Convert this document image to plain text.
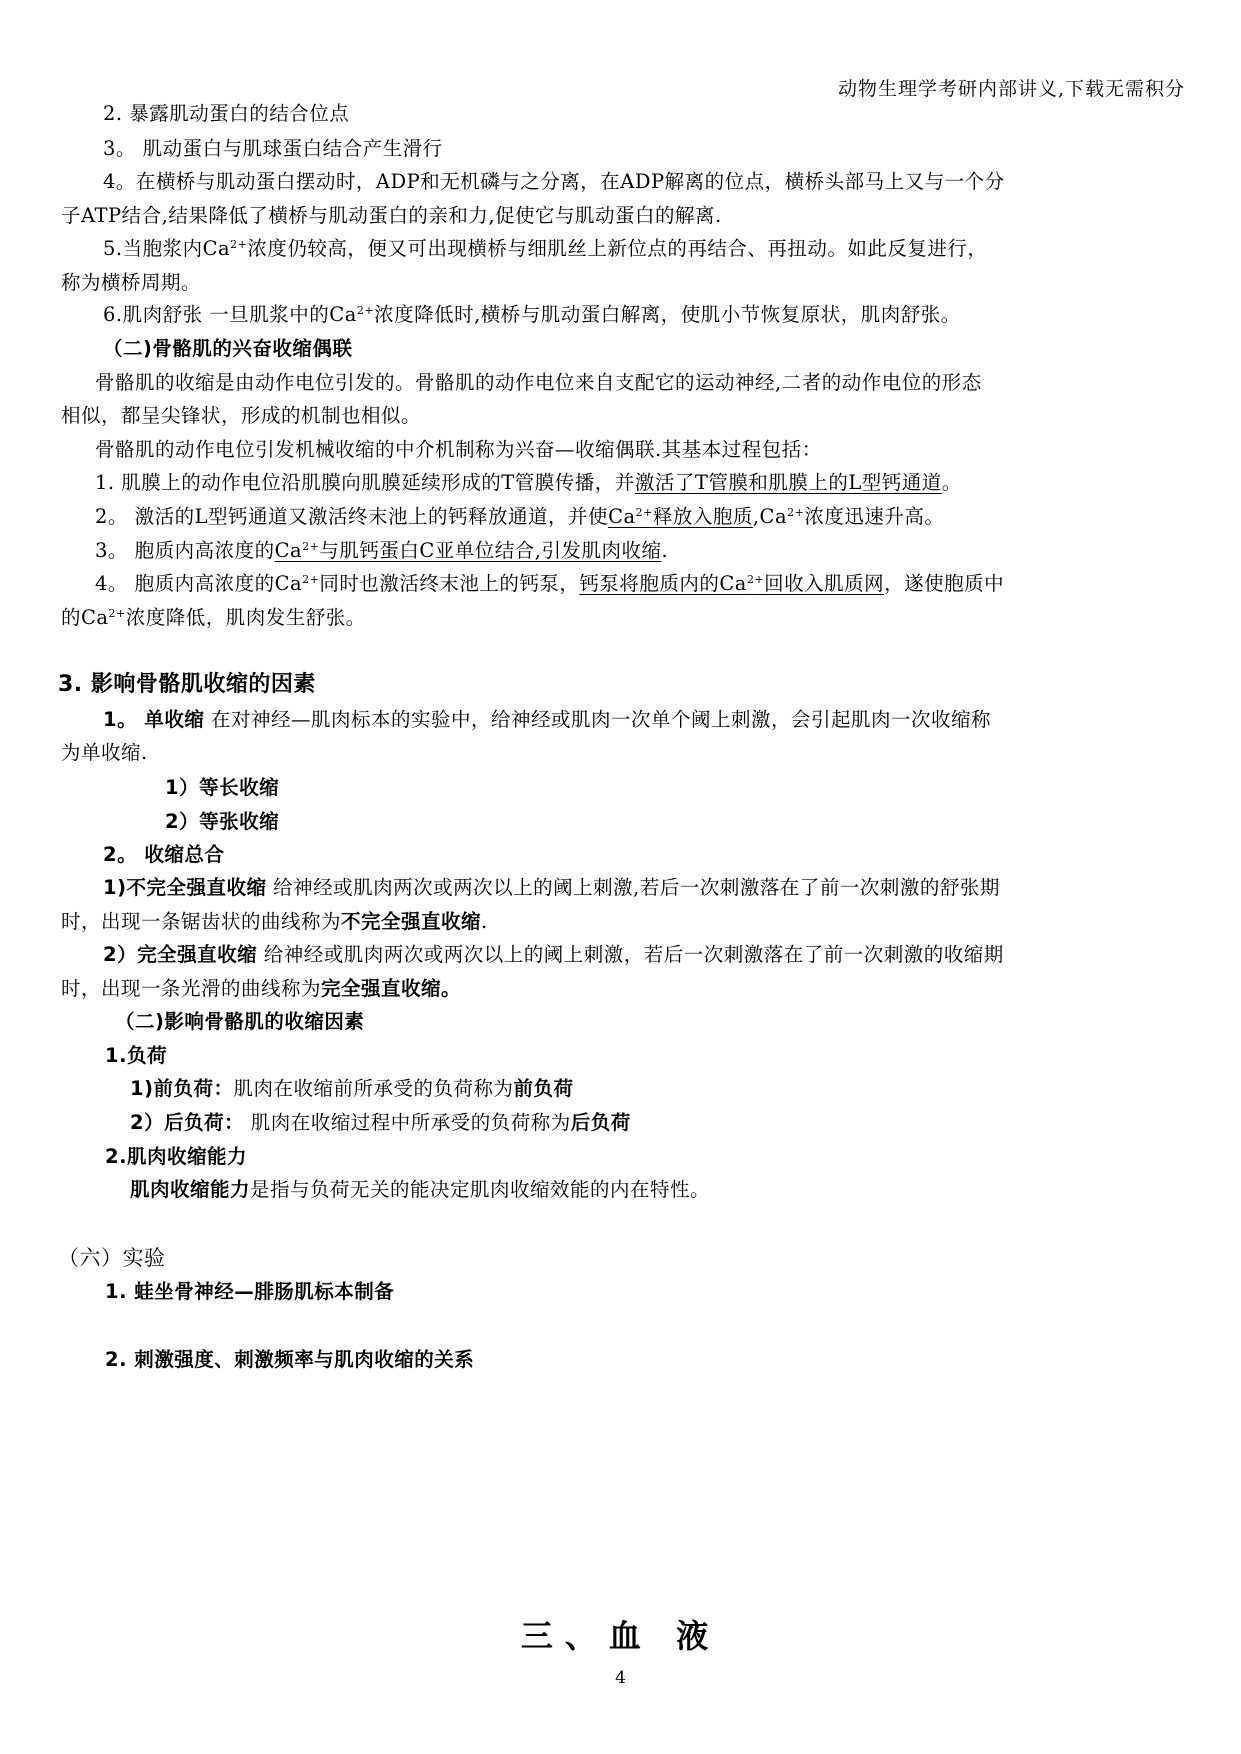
动物生理学考研内部讲义,下载无需积分
2. 暴露肌动蛋白的结合位点
3。 肌动蛋白与肌球蛋白结合产生滑行
4。在横桥与肌动蛋白摆动时，ADP和无机磷与之分离，在ADP解离的位点，横桥头部马上又与一个分
子ATP结合,结果降低了横桥与肌动蛋白的亲和力,促使它与肌动蛋白的解离.
5.当胞浆内$Ca^{2+}$浓度仍较高，便又可出现横桥与细肌丝上新位点的再结合、再扭动。如此反复进行，
称为横桥周期。
6.肌肉舒张 一旦肌浆中的$Ca^{2+}$浓度降低时,横桥与肌动蛋白解离，使肌小节恢复原状，肌肉舒张。
（二)骨骼肌的兴奋收缩偶联
骨骼肌的收缩是由动作电位引发的。骨骼肌的动作电位来自支配它的运动神经,二者的动作电位的形态
相似，都呈尖锋状，形成的机制也相似。
骨骼肌的动作电位引发机械收缩的中介机制称为兴奋—收缩偶联.其基本过程包括：
1. 肌膜上的动作电位沿肌膜向肌膜延续形成的T管膜传播，并激活了T管膜和肌膜上的L型钙通道。
2。 激活的L型钙通道又激活终末池上的钙释放通道，并使$Ca^{2+}$释放入胞质$,Ca^{2+}$浓度迅速升高。
3。 胞质内高浓度的$Ca^{2+}$与肌钙蛋白C亚单位结合,引发肌肉收缩.
4。 胞质内高浓度的$Ca^{2+}$同时也激活终末池上的钙泵，钙泵将胞质内的$Ca^{2+}$回收入肌质网，遂使胞质中
的$Ca^{2+}$浓度降低，肌肉发生舒张。
3. 影响骨骼肌收缩的因素
1。 单收缩 在对神经—肌肉标本的实验中，给神经或肌肉一次单个阈上刺激，会引起肌肉一次收缩称
为单收缩.
1）等长收缩
2）等张收缩
2。 收缩总合
1)不完全强直收缩 给神经或肌肉两次或两次以上的阈上刺激,若后一次刺激落在了前一次刺激的舒张期
时，出现一条锯齿状的曲线称为不完全强直收缩.
2）完全强直收缩 给神经或肌肉两次或两次以上的阈上刺激，若后一次刺激落在了前一次刺激的收缩期
时，出现一条光滑的曲线称为完全强直收缩。
（二)影响骨骼肌的收缩因素
1.负荷
1)前负荷：肌肉在收缩前所承受的负荷称为前负荷
2）后负荷： 肌肉在收缩过程中所承受的负荷称为后负荷
2.肌肉收缩能力
肌肉收缩能力是指与负荷无关的能决定肌肉收缩效能的内在特性。
（六）实验
1. 蛙坐骨神经—腓肠肌标本制备
2. 刺激强度、刺激频率与肌肉收缩的关系
三、血 液
4
